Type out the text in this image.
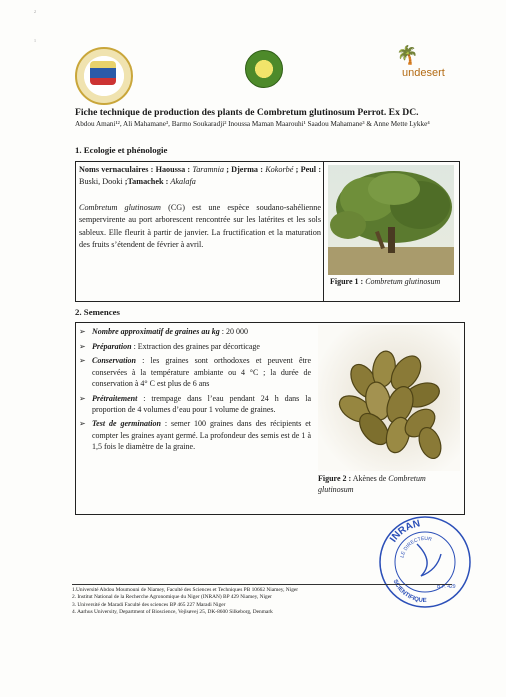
2
1
🌴
undesert
Fiche technique de production des plants de Combretum glutinosum Perrot. Ex DC.
Abdou Amani¹², Ali Mahamane³, Barmo Soukaradji² Inoussa Maman Maarouhi¹ Saadou Mahamane³ & Anne Mette Lykke⁴
1. Ecologie et phénologie
Noms vernaculaires : Haoussa : Taramnia ; Djerma : Kokorbé ; Peul : Buski, Dooki ;Tamachek : Akalafa
Combretum glutinosum (CG) est une espèce soudano-sahélienne sempervirente au port arborescent rencontrée sur les latérites et les sols sableux. Elle fleurit à partir de janvier. La fructification et la maturation des fruits s’étendent de février à avril.
Figure 1 : Combretum glutinosum
2. Semences
➢ Nombre approximatif de graines au kg : 20 000
➢ Préparation : Extraction des graines par décorticage
➢ Conservation : les graines sont orthodoxes et peuvent être conservées à la température ambiante ou 4 °C ; la durée de conservation à 4° C est plus de 6 ans
➢ Prétraitement : trempage dans l’eau pendant 24 h dans la proportion de 4 volumes d’eau pour 1 volume de graines.
➢ Test de germination : semer 100 graines dans des récipients et compter les graines ayant germé. La profondeur des semis est de 1 à 1,5 fois le diamètre de la graine.
Figure 2 : Akènes de Combretum glutinosum
INRAN
SCIENTIFIQUE
LE DIRECTEUR
B.P. 429
1.Université Abdou Moumouni de Niamey, Faculté des Sciences et Techniques PB 10662 Niamey, Niger
2. Institut National de la Recherche Agronomique du Niger (INRAN) BP 429 Niamey, Niger
3. Université de Maradi Faculté des sciences BP 465 227 Maradi Niger
4. Aarhus University, Department of Bioscience, Vejlsøvej 25, DK-8600 Silkeborg, Denmark
